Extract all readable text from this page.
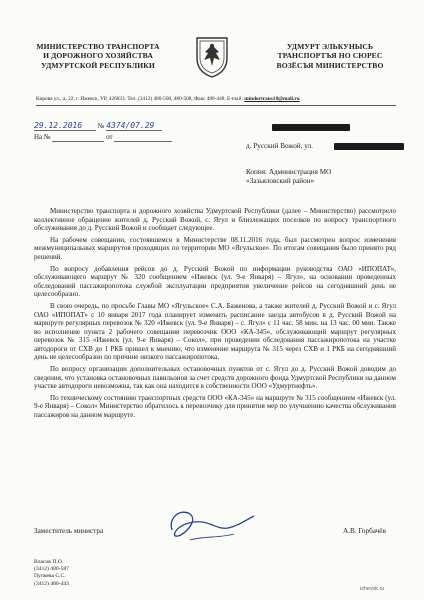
МИНИСТЕРСТВО ТРАНСПОРТА
И ДОРОЖНОГО ХОЗЯЙСТВА
УДМУРТСКОЙ РЕСПУБЛИКИ
УДМУРТ ЭЛЬКУНЫСЬ
ТРАНСПОРТЪЯ НО СЮРЕС
ВОЗЁСЪЯ МИНИСТЕРСТВО
Кирова ул., д. 22, г. Ижевск, УР, 426033. Тел. (3412) 480-500, 480-508, Факс 480-448. E-mail: mindortrans18@mail.ru
29.12.2016 № 4374/07.29
На №	от
д. Русский Вожой, ул.
Копия: Администрация МО
«Зазьяловский район»

Министерство транспорта и дорожного хозяйства Удмуртской Республики (далее – Министерство) рассмотрело коллективное обращение жителей д. Русский Вожой, с. Ягул и близлежащих поселков по вопросу транспортного обслуживания до д. Русский Вожой и сообщает следующее.

На рабочем совещании, состоявшемся в Министерстве 08.11.2016 года, был рассмотрен вопрос изменения межмуниципальных маршрутов проходящих по территории МО «Ягульское». По итогам совещания было принято ряд решений.

По вопросу добавления рейсов до д. Русский Вожой по информации руководства ОАО «ИПОПАТ», обслуживающего маршрут № 320 сообщением «Ижевск (ул. 9-е Января) – Ягул», на основании проведенных обследований пассажиропотока службой эксплуатации предприятия увеличение рейсов на сегодняшний день не целесообразно.

В свою очередь, по просьбе Главы МО «Ягульское» С.А. Баженова, а также жителей д. Русский Вожой и с. Ягул ОАО «ИПОПАТ» с 10 января 2017 года планирует изменить расписание заезда автобусов в д. Русский Вожой на маршруте регулярных перевозок № 320 «Ижевск (ул. 9-е Января) – с. Ягул» с 11 час. 58 мин. на 13 час. 00 мин. Также во исполнение пункта 2 рабочего совещания перевозчик ООО «КА-345», обслуживающий маршрут регулярных перевозок № 315 «Ижевск (ул. 9-е Января) – Сокол», при проведении обследования пассажиропотока на участке автодороги от СХВ до 1 РКБ пришел к мнению, что изменение маршрута № 315 через СХВ и 1 РКБ на сегодняшний день не целесообразно по причине низкого пассажиропотока.

По вопросу организации дополнительных остановочных пунктов от с. Ягул до д. Русский Вожой доводим до сведения, что установка остановочных павильонов за счет средств дорожного фонда Удмуртской Республики на данном участке автодороги невозможна, так как она находится в собственности ООО «Удмуртнефть».

По техническому состоянию транспортных средств ООО «КА-345» на маршруте № 315 сообщением «Ижевск (ул. 9-е Января) – Сокол» Министерство обратилось к перевозчику для принятия мер по улучшению качества обслуживания пассажиров на данном маршруте.

Заместитель министра	А.В. Горбачёв
Власов П.О.
(3412) 480-587
Пупкева С.С.
(3412) 480-443
izhevsk.ru
